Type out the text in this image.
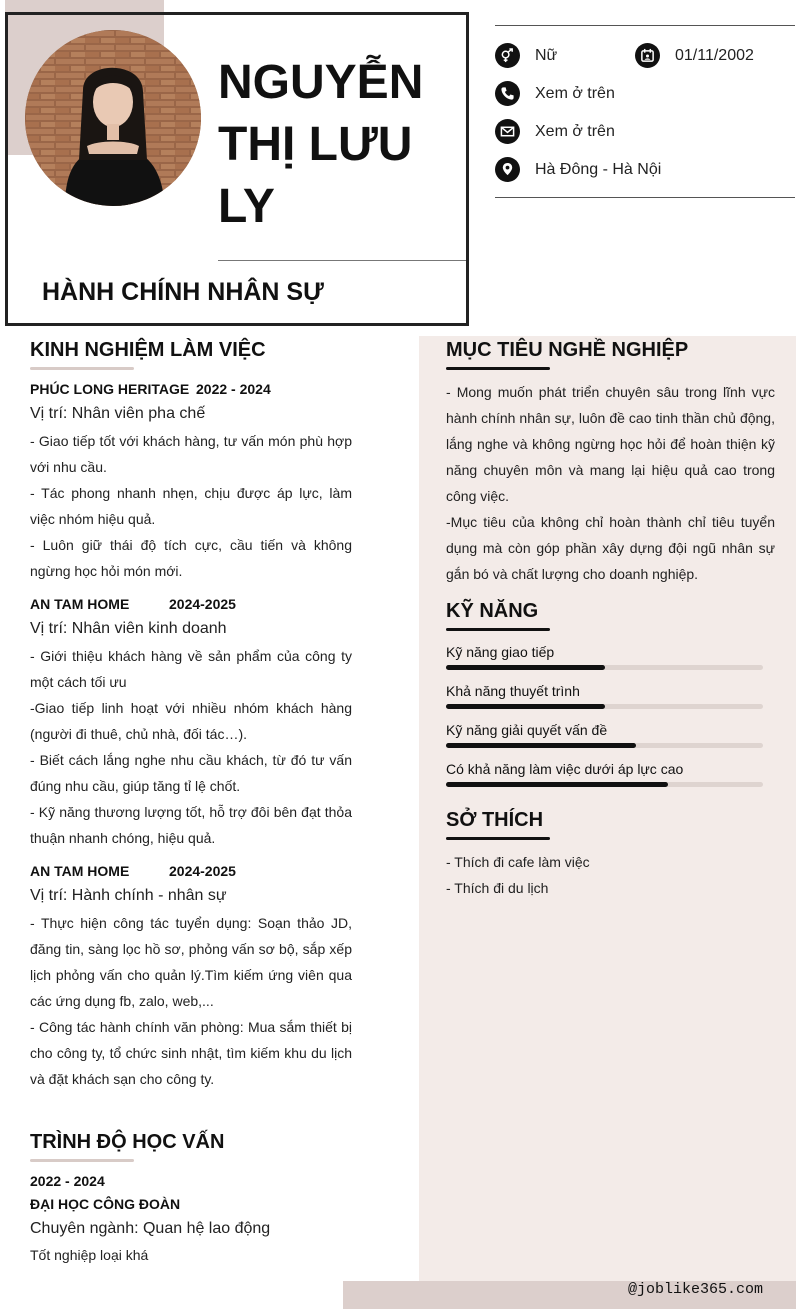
NGUYỄN
THỊ LƯU
LY
HÀNH CHÍNH NHÂN SỰ
Nữ	01/11/2002
Xem ở trên
Xem ở trên
Hà Đông - Hà Nội
KINH NGHIỆM LÀM VIỆC
PHÚC LONG HERITAGE 2022 - 2024
Vị trí: Nhân viên pha chế

- Giao tiếp tốt với khách hàng, tư vấn món phù hợp với nhu cầu.

- Tác phong nhanh nhẹn, chịu được áp lực, làm việc nhóm hiệu quả.

- Luôn giữ thái độ tích cực, cầu tiến và không ngừng học hỏi món mới.

AN TAM HOME	2024-2025
Vị trí: Nhân viên kinh doanh

- Giới thiệu khách hàng về sản phẩm của công ty một cách tối ưu

-Giao tiếp linh hoạt với nhiều nhóm khách hàng (người đi thuê, chủ nhà, đối tác…).

- Biết cách lắng nghe nhu cầu khách, từ đó tư vấn đúng nhu cầu, giúp tăng tỉ lệ chốt.

- Kỹ năng thương lượng tốt, hỗ trợ đôi bên đạt thỏa thuận nhanh chóng, hiệu quả.

AN TAM HOME	2024-2025
Vị trí: Hành chính - nhân sự

- Thực hiện công tác tuyển dụng: Soạn thảo JD, đăng tin, sàng lọc hồ sơ, phỏng vấn sơ bộ, sắp xếp lịch phỏng vấn cho quản lý.Tìm kiếm ứng viên qua các ứng dụng fb, zalo, web,...

- Công tác hành chính văn phòng: Mua sắm thiết bị cho công ty, tổ chức sinh nhật, tìm kiếm khu du lịch và đặt khách sạn cho công ty.

TRÌNH ĐỘ HỌC VẤN
2022 - 2024
ĐẠI HỌC CÔNG ĐOÀN
Chuyên ngành: Quan hệ lao động
Tốt nghiệp loại khá
MỤC TIÊU NGHỀ NGHIỆP

- Mong muốn phát triển chuyên sâu trong lĩnh vực hành chính nhân sự, luôn đề cao tinh thần chủ động, lắng nghe và không ngừng học hỏi để hoàn thiện kỹ năng chuyên môn và mang lại hiệu quả cao trong công việc.

-Mục tiêu của không chỉ hoàn thành chỉ tiêu tuyển dụng mà còn góp phần xây dựng đội ngũ nhân sự gắn bó và chất lượng cho doanh nghiệp.

KỸ NĂNG
Kỹ năng giao tiếp
Khả năng thuyết trình
Kỹ năng giải quyết vấn đề
Có khả năng làm việc dưới áp lực cao
SỞ THÍCH
- Thích đi cafe làm việc
- Thích đi du lịch
@joblike365.com
